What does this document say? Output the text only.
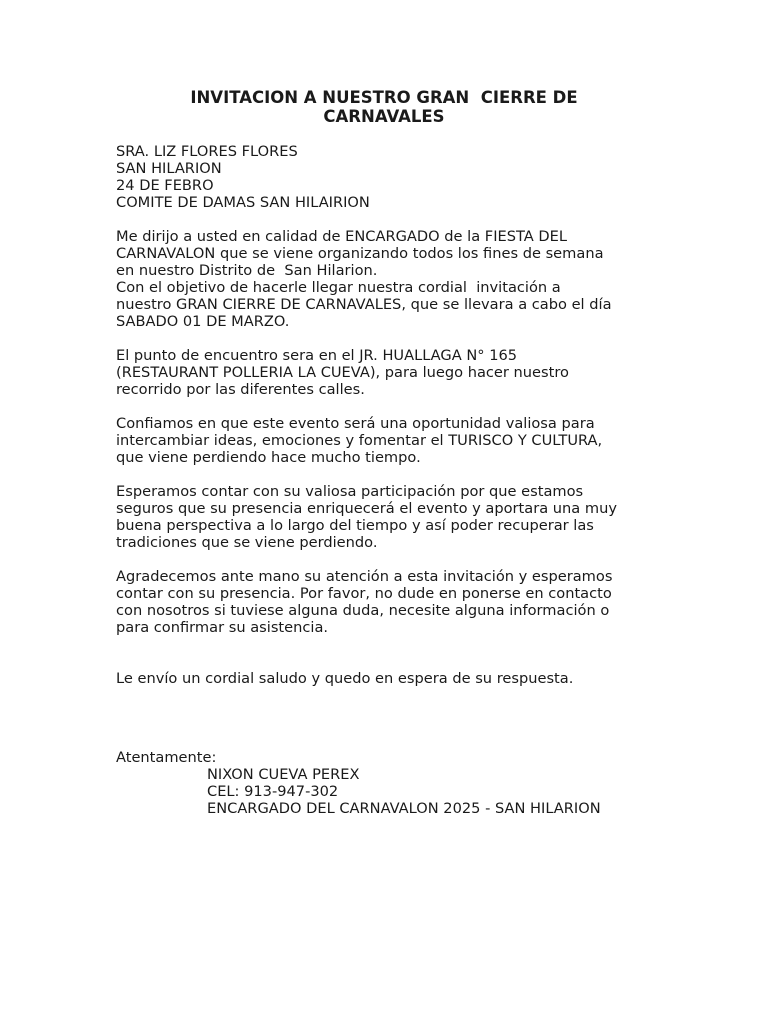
INVITACION A NUESTRO GRAN  CIERRE DE
CARNAVALES
SRA. LIZ FLORES FLORES
SAN HILARION
24 DE FEBRO
COMITE DE DAMAS SAN HILAIRION
Me dirijo a usted en calidad de ENCARGADO de la FIESTA DEL
CARNAVALON que se viene organizando todos los fines de semana
en nuestro Distrito de  San Hilarion.
Con el objetivo de hacerle llegar nuestra cordial  invitación a
nuestro GRAN CIERRE DE CARNAVALES, que se llevara a cabo el día
SABADO 01 DE MARZO.
El punto de encuentro sera en el JR. HUALLAGA N° 165
(RESTAURANT POLLERIA LA CUEVA), para luego hacer nuestro
recorrido por las diferentes calles.
Confiamos en que este evento será una oportunidad valiosa para
intercambiar ideas, emociones y fomentar el TURISCO Y CULTURA,
que viene perdiendo hace mucho tiempo.
Esperamos contar con su valiosa participación por que estamos
seguros que su presencia enriquecerá el evento y aportara una muy
buena perspectiva a lo largo del tiempo y así poder recuperar las
tradiciones que se viene perdiendo.
Agradecemos ante mano su atención a esta invitación y esperamos
contar con su presencia. Por favor, no dude en ponerse en contacto
con nosotros si tuviese alguna duda, necesite alguna información o
para confirmar su asistencia.
Le envío un cordial saludo y quedo en espera de su respuesta.
Atentamente:
NIXON CUEVA PEREX
CEL: 913-947-302
ENCARGADO DEL CARNAVALON 2025 - SAN HILARION
